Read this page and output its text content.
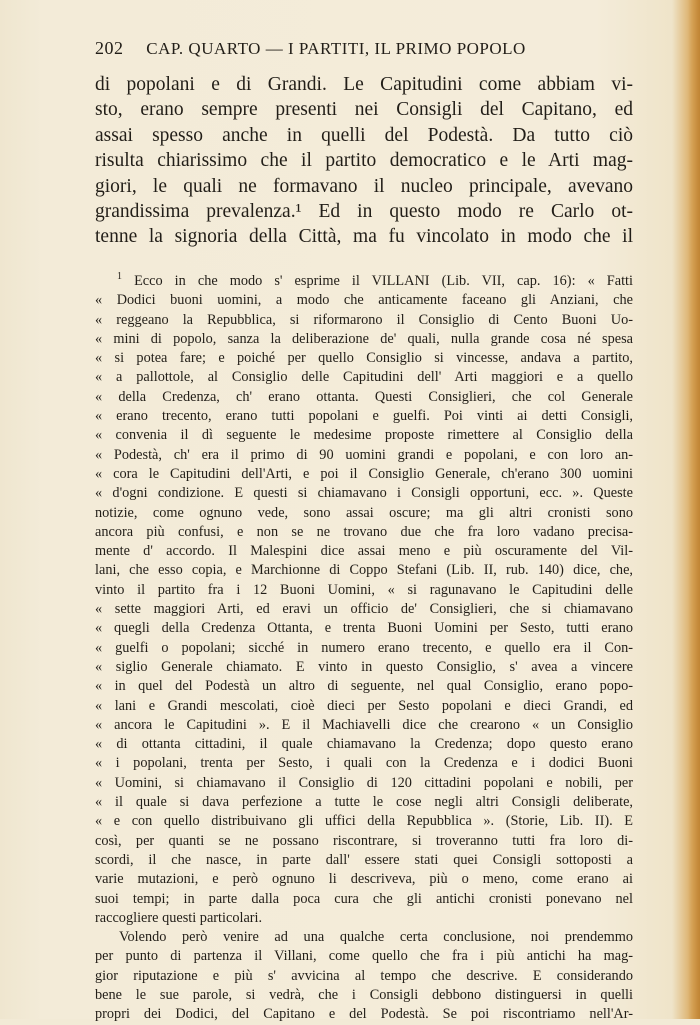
202 CAP. QUARTO — I PARTITI, IL PRIMO POPOLO
di popolani e di Grandi. Le Capitudini come abbiam vi-
sto, erano sempre presenti nei Consigli del Capitano, ed
assai spesso anche in quelli del Podestà. Da tutto ciò
risulta chiarissimo che il partito democratico e le Arti mag-
giori, le quali ne formavano il nucleo principale, avevano
grandissima prevalenza.¹ Ed in questo modo re Carlo ot-
tenne la signoria della Città, ma fu vincolato in modo che il
$^1$ Ecco in che modo s' esprime il VILLANI (Lib. VII, cap. 16): « Fatti
« Dodici buoni uomini, a modo che anticamente faceano gli Anziani, che
« reggeano la Repubblica, si riformarono il Consiglio di Cento Buoni Uo-
« mini di popolo, sanza la deliberazione de' quali, nulla grande cosa né spesa
« si potea fare; e poiché per quello Consiglio si vincesse, andava a partito,
« a pallottole, al Consiglio delle Capitudini dell' Arti maggiori e a quello
« della Credenza, ch' erano ottanta. Questi Consiglieri, che col Generale
« erano trecento, erano tutti popolani e guelfi. Poi vinti ai detti Consigli,
« convenia il dì seguente le medesime proposte rimettere al Consiglio della
« Podestà, ch' era il primo di 90 uomini grandi e popolani, e con loro an-
« cora le Capitudini dell'Arti, e poi il Consiglio Generale, ch'erano 300 uomini
« d'ogni condizione. E questi si chiamavano i Consigli opportuni, ecc. ». Queste
notizie, come ognuno vede, sono assai oscure; ma gli altri cronisti sono
ancora più confusi, e non se ne trovano due che fra loro vadano precisa-
mente d' accordo. Il Malespini dice assai meno e più oscuramente del Vil-
lani, che esso copia, e Marchionne di Coppo Stefani (Lib. II, rub. 140) dice, che,
vinto il partito fra i 12 Buoni Uomini, « si ragunavano le Capitudini delle
« sette maggiori Arti, ed eravi un officio de' Consiglieri, che si chiamavano
« quegli della Credenza Ottanta, e trenta Buoni Uomini per Sesto, tutti erano
« guelfi o popolani; sicché in numero erano trecento, e quello era il Con-
« siglio Generale chiamato. E vinto in questo Consiglio, s' avea a vincere
« in quel del Podestà un altro di seguente, nel qual Consiglio, erano popo-
« lani e Grandi mescolati, cioè dieci per Sesto popolani e dieci Grandi, ed
« ancora le Capitudini ». E il Machiavelli dice che crearono « un Consiglio
« di ottanta cittadini, il quale chiamavano la Credenza; dopo questo erano
« i popolani, trenta per Sesto, i quali con la Credenza e i dodici Buoni
« Uomini, si chiamavano il Consiglio di 120 cittadini popolani e nobili, per
« il quale si dava perfezione a tutte le cose negli altri Consigli deliberate,
« e con quello distribuivano gli uffici della Repubblica ». (Storie, Lib. II). E
così, per quanti se ne possano riscontrare, si troveranno tutti fra loro di-
scordi, il che nasce, in parte dall' essere stati quei Consigli sottoposti a
varie mutazioni, e però ognuno li descriveva, più o meno, come erano ai
suoi tempi; in parte dalla poca cura che gli antichi cronisti ponevano nel
raccogliere questi particolari.
Volendo però venire ad una qualche certa conclusione, noi prendemmo
per punto di partenza il Villani, come quello che fra i più antichi ha mag-
gior riputazione e più s' avvicina al tempo che descrive. E considerando
bene le sue parole, si vedrà, che i Consigli debbono distinguersi in quelli
propri dei Dodici, del Capitano e del Podestà. Se poi riscontriamo nell'Ar-
